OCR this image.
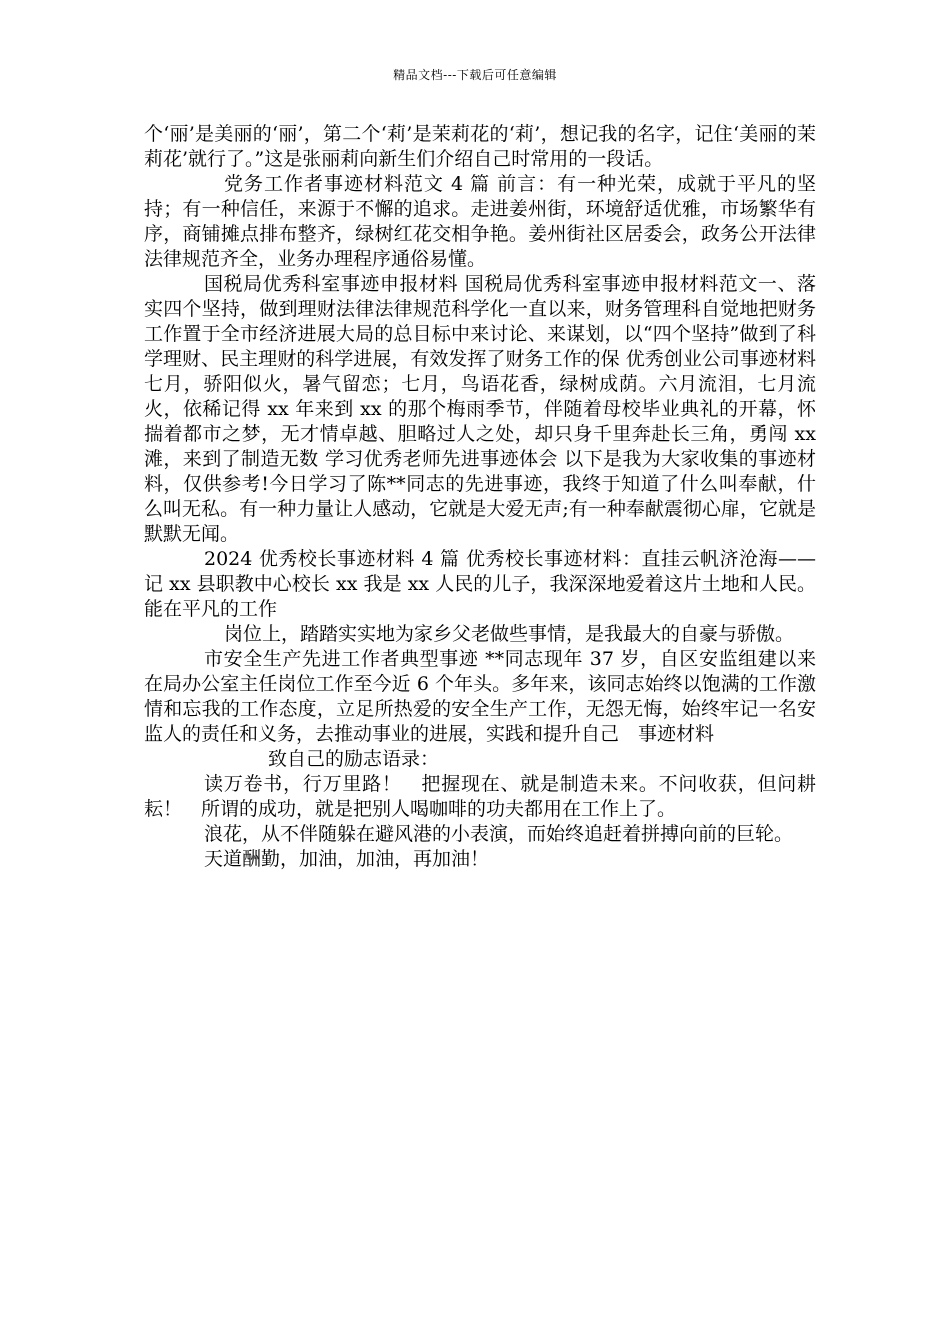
精品文档---下载后可任意编辑

个‘丽’是美丽的‘丽’，第二个‘莉’是茉莉花的‘莉’，想记我的名字，记住‘美丽的茉莉花’就行了。”这是张丽莉向新生们介绍自己时常用的一段话。

党务工作者事迹材料范文 4 篇 前言：有一种光荣，成就于平凡的坚持；有一种信任，来源于不懈的追求。走进姜州街，环境舒适优雅，市场繁华有序，商铺摊点排布整齐，绿树红花交相争艳。姜州街社区居委会，政务公开法律法律规范齐全，业务办理程序通俗易懂。

国税局优秀科室事迹申报材料 国税局优秀科室事迹申报材料范文一、落实四个坚持，做到理财法律法律规范科学化一直以来，财务管理科自觉地把财务工作置于全市经济进展大局的总目标中来讨论、来谋划，以“四个坚持”做到了科学理财、民主理财的科学进展，有效发挥了财务工作的保 优秀创业公司事迹材料 七月，骄阳似火，暑气留恋；七月，鸟语花香，绿树成荫。六月流泪，七月流火，依稀记得 xx 年来到 xx 的那个梅雨季节，伴随着母校毕业典礼的开幕，怀揣着都市之梦，无才情卓越、胆略过人之处，却只身千里奔赴长三角，勇闯 xx 滩，来到了制造无数 学习优秀老师先进事迹体会 以下是我为大家收集的事迹材料，仅供参考!今日学习了陈**同志的先进事迹，我终于知道了什么叫奉献，什么叫无私。有一种力量让人感动，它就是大爱无声;有一种奉献震彻心扉，它就是默默无闻。

2024 优秀校长事迹材料 4 篇 优秀校长事迹材料：直挂云帆济沧海——记 xx 县职教中心校长 xx 我是 xx 人民的儿子，我深深地爱着这片土地和人民。能在平凡的工作

岗位上，踏踏实实地为家乡父老做些事情，是我最大的自豪与骄傲。

市安全生产先进工作者典型事迹 **同志现年 37 岁，自区安监组建以来在局办公室主任岗位工作至今近 6 个年头。多年来，该同志始终以饱满的工作激情和忘我的工作态度，立足所热爱的安全生产工作，无怨无悔，始终牢记一名安监人的责任和义务，去推动事业的进展，实践和提升自己　事迹材料

致自己的励志语录：

读万卷书，行万里路！　把握现在、就是制造未来。不问收获，但问耕耘！　所谓的成功，就是把别人喝咖啡的功夫都用在工作上了。

浪花，从不伴随躲在避风港的小表演，而始终追赶着拼搏向前的巨轮。

天道酬勤，加油，加油，再加油！
